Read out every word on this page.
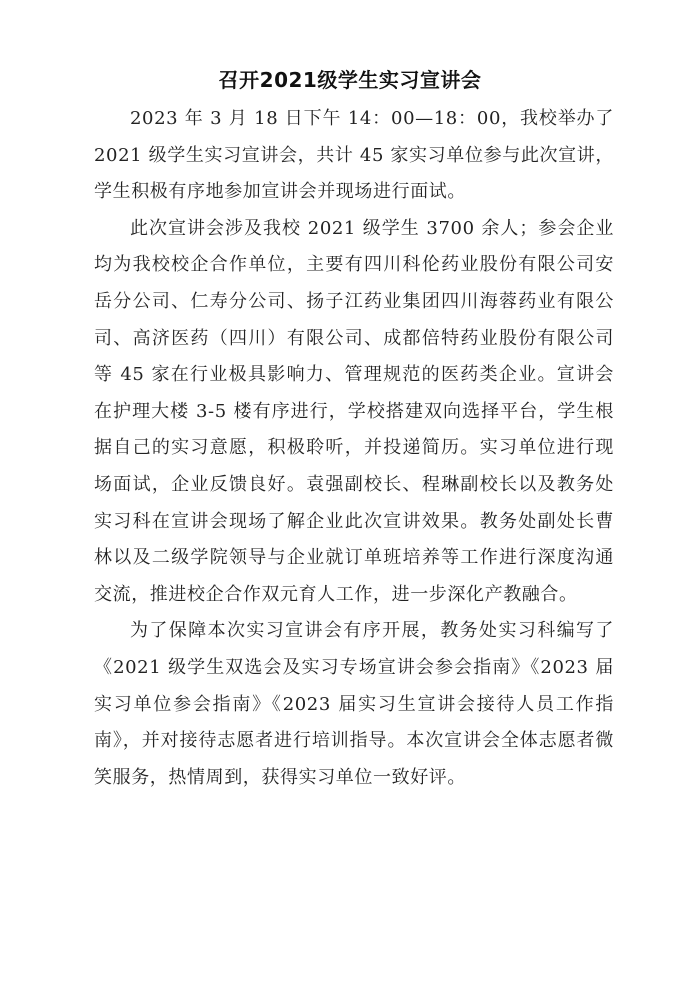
召开2021级学生实习宣讲会

2023 年 3 月 18 日下午 14：00—18：00，我校举办了 2021 级学生实习宣讲会，共计 45 家实习单位参与此次宣讲，学生积极有序地参加宣讲会并现场进行面试。

此次宣讲会涉及我校 2021 级学生 3700 余人；参会企业均为我校校企合作单位，主要有四川科伦药业股份有限公司安岳分公司、仁寿分公司、扬子江药业集团四川海蓉药业有限公司、高济医药（四川）有限公司、成都倍特药业股份有限公司等 45 家在行业极具影响力、管理规范的医药类企业。宣讲会在护理大楼 3-5 楼有序进行，学校搭建双向选择平台，学生根据自己的实习意愿，积极聆听，并投递简历。实习单位进行现场面试，企业反馈良好。袁强副校长、程琳副校长以及教务处实习科在宣讲会现场了解企业此次宣讲效果。教务处副处长曹林以及二级学院领导与企业就订单班培养等工作进行深度沟通交流，推进校企合作双元育人工作，进一步深化产教融合。

为了保障本次实习宣讲会有序开展，教务处实习科编写了《2021 级学生双选会及实习专场宣讲会参会指南》《2023 届实习单位参会指南》《2023 届实习生宣讲会接待人员工作指南》，并对接待志愿者进行培训指导。本次宣讲会全体志愿者微笑服务，热情周到，获得实习单位一致好评。
